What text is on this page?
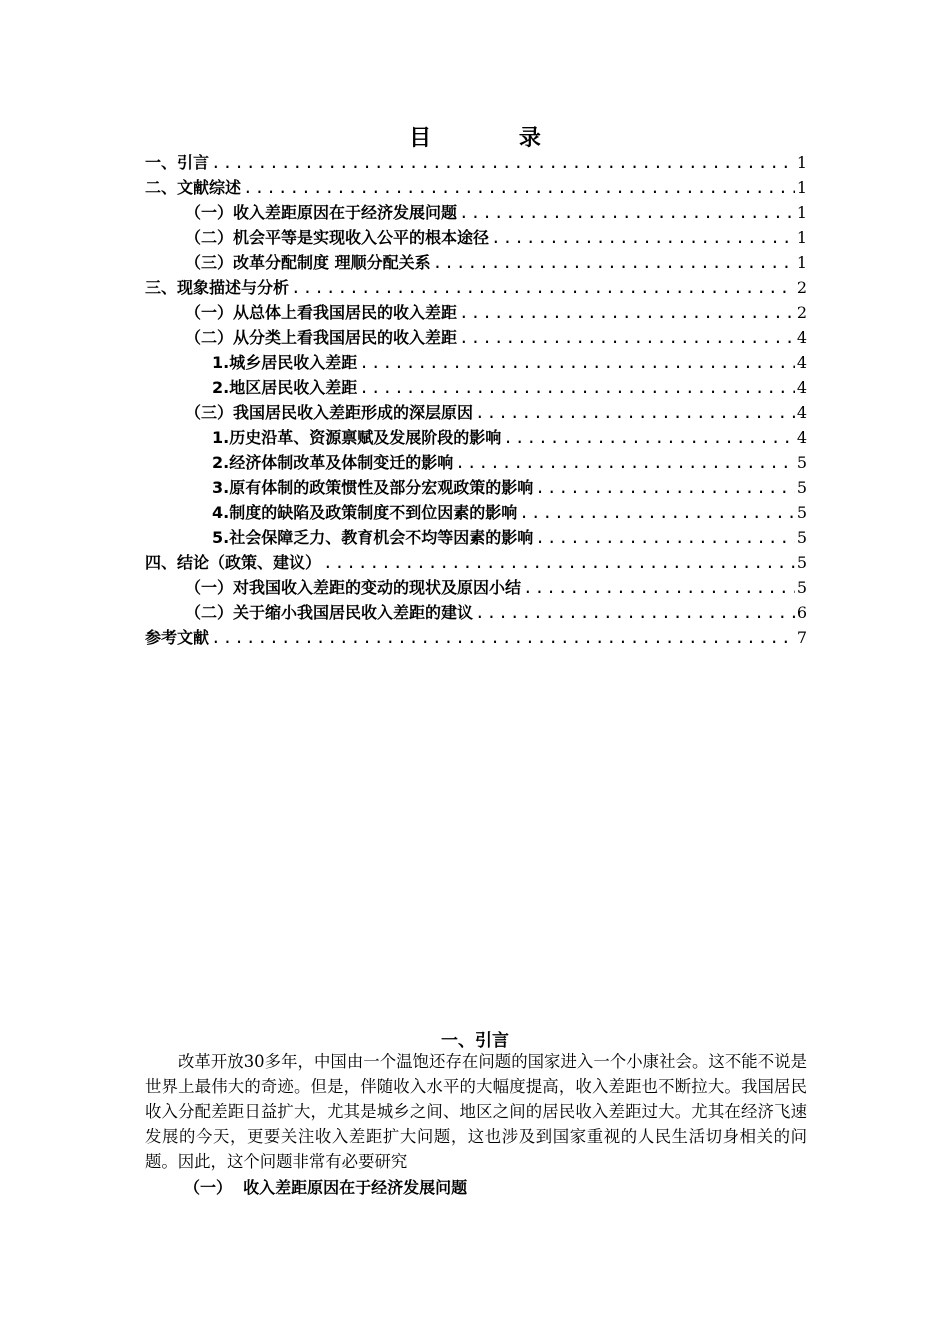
目 录
一、引言 .....	1
二、文献综述 .....	1
（一）收入差距原因在于经济发展问题 .....	1
（二）机会平等是实现收入公平的根本途径 .....	1
（三）改革分配制度 理顺分配关系 .....	1
三、现象描述与分析 .....	2
（一）从总体上看我国居民的收入差距 .....	2
（二）从分类上看我国居民的收入差距 .....	4
1.城乡居民收入差距 .....	4
2.地区居民收入差距 .....	4
（三）我国居民收入差距形成的深层原因 .....	4
1.历史沿革、资源禀赋及发展阶段的影响 .....	4
2.经济体制改革及体制变迁的影响 .....	5
3.原有体制的政策惯性及部分宏观政策的影响 .....	5
4.制度的缺陷及政策制度不到位因素的影响 .....	5
5.社会保障乏力、教育机会不均等因素的影响 .....	5
四、结论（政策、建议） .....	5
（一）对我国收入差距的变动的现状及原因小结 .....	5
（二）关于缩小我国居民收入差距的建议 .....	6
参考文献 .....	7
一、引言
改革开放30多年，中国由一个温饱还存在问题的国家进入一个小康社会。这不能不说是世界上最伟大的奇迹。但是，伴随收入水平的大幅度提高，收入差距也不断拉大。我国居民收入分配差距日益扩大，尤其是城乡之间、地区之间的居民收入差距过大。尤其在经济飞速发展的今天，更要关注收入差距扩大问题，这也涉及到国家重视的人民生活切身相关的问题。因此，这个问题非常有必要研究
（一）  收入差距原因在于经济发展问题
